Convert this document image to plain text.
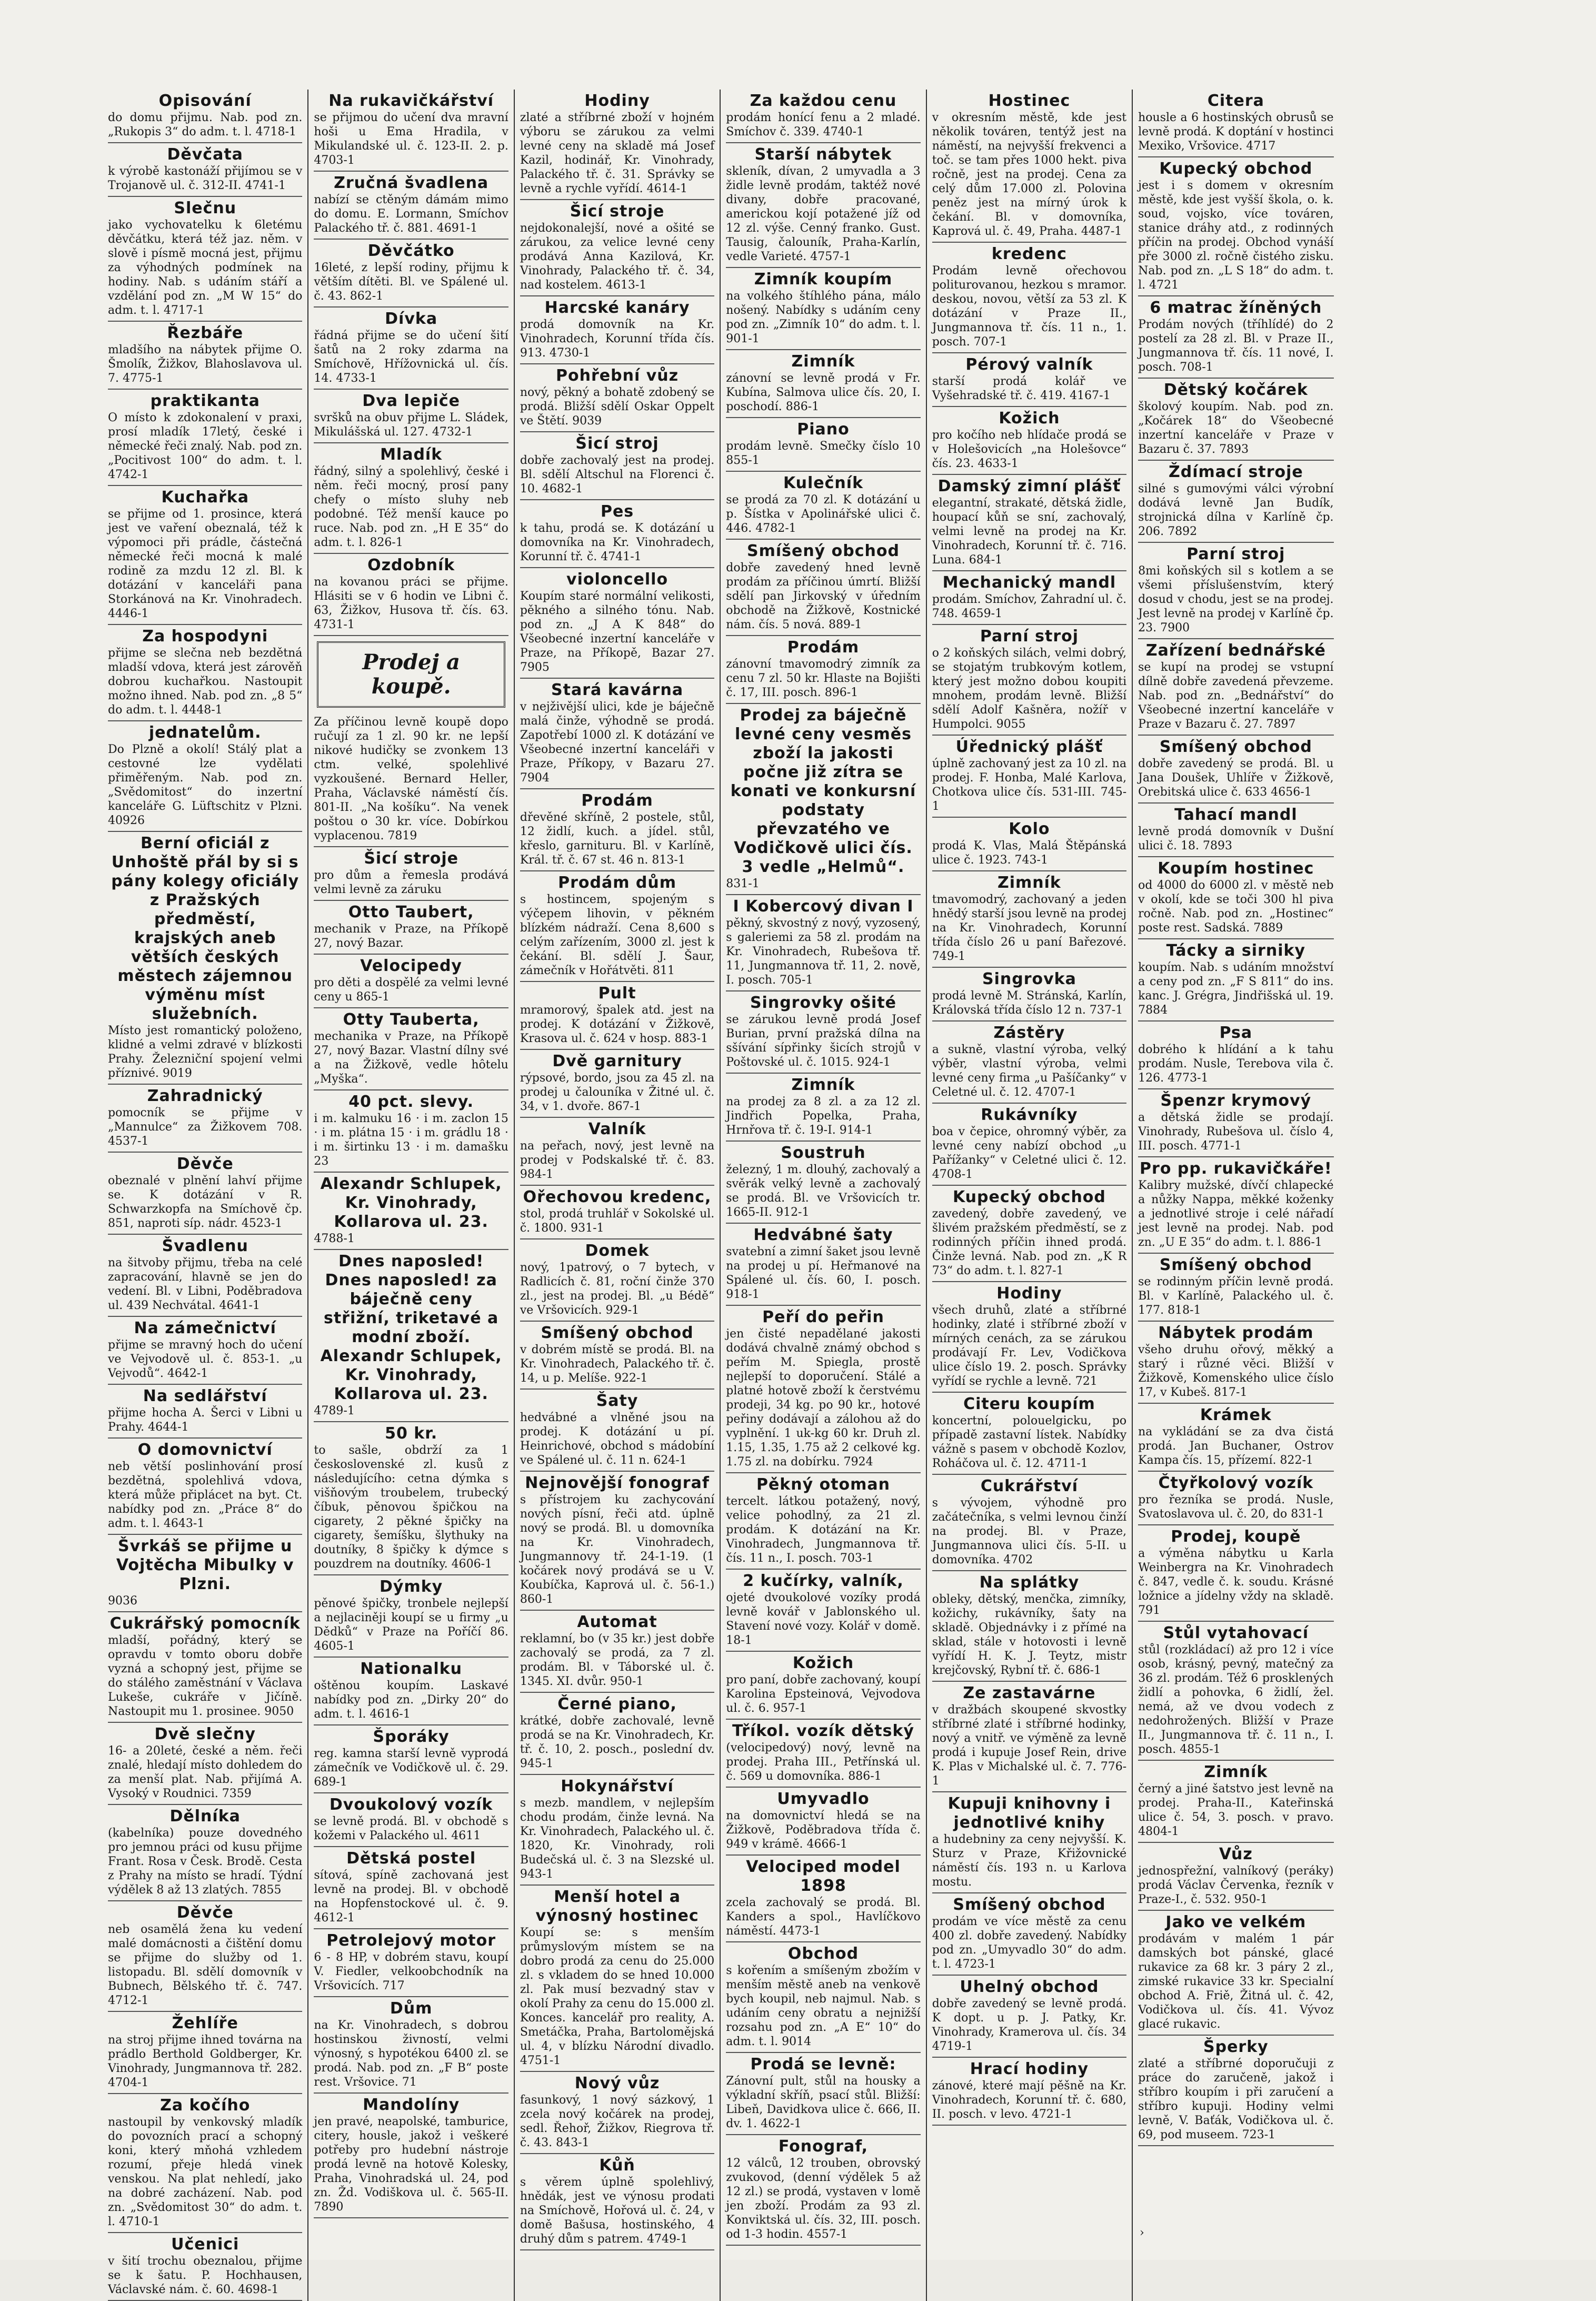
Opisování

do domu přijmu. Nab. pod zn. „Rukopis 3“ do adm. t. l. 4718-1

Děvčata

k výrobě kastonáží přijímou se v Trojanově ul. č. 312-II. 4741-1

Slečnu

jako vychovatelku k 6letému děvčátku, která též jaz. něm. v slově i písmě mocná jest, přijmu za výhodných podmínek na hodiny. Nab. s udáním stáří a vzdělání pod zn. „M W 15“ do adm. t. l. 4717-1

Řezbáře

mladšího na nábytek přijme O. Šmolík, Žižkov, Blahoslavova ul. 7. 4775-1

praktikanta

O místo k zdokonalení v praxi, prosí mladík 17letý, české i německé řeči znalý. Nab. pod zn. „Pocitivost 100“ do adm. t. l. 4742-1

Kuchařka

se přijme od 1. prosince, která jest ve vaření obeznalá, též k výpomoci při prádle, částečná německé řeči mocná k malé rodině za mzdu 12 zl. Bl. k dotázání v kanceláři pana Storkánová na Kr. Vinohradech. 4446-1

Za hospodyni

přijme se slečna neb bezdětná mladší vdova, která jest zárověň dobrou kuchařkou. Nastoupit možno ihned. Nab. pod zn. „8 5“ do adm. t. l. 4448-1

jednatelům.

Do Plzně a okolí! Stálý plat a cestovné lze vydělati přiměřeným. Nab. pod zn. „Svědomitost“ do inzertní kanceláře G. Lüftschitz v Plzni. 40926

Berní oficiál z Unhoště přál by si s pány kolegy oficiály z Pražských předměstí, krajských aneb větších českých městech zájemnou výměnu míst služebních.

Místo jest romantický položeno, klidné a velmi zdravé v blízkosti Prahy. Železniční spojení velmi příznivé. 9019

Zahradnický

pomocník se přijme v „Mannulce“ za Žižkovem 708. 4537-1

Děvče

obeznalé v plnění lahví přijme se. K dotázání v R. Schwarzkopfa na Smíchově čp. 851, naproti síp. nádr. 4523-1

Švadlenu

na šitvoby přijmu, třeba na celé zapracování, hlavně se jen do vedení. Bl. v Libni, Poděbradova ul. 439 Nechvátal. 4641-1

Na zámečnictví

přijme se mravný hoch do učení ve Vejvodově ul. č. 853-1. „u Vejvodů“. 4642-1

Na sedlářství

přijme hocha A. Šerci v Libni u Prahy. 4644-1

O domovnictví

neb větší poslinhování prosí bezdětná, spolehlivá vdova, která může připlácet na byt. Ct. nabídky pod zn. „Práce 8“ do adm. t. l. 4643-1

Švrkáš se přijme u Vojtěcha Mibulky v Plzni.

9036

Cukrářský pomocník

mladší, pořádný, který se opravdu v tomto oboru dobře vyzná a schopný jest, přijme se do stálého zaměstnání v Václava Lukeše, cukráře v Jičíně. Nastoupit mu 1. prosinee. 9050

Dvě slečny

16- a 20leté, české a něm. řeči znalé, hledají místo dohledem do za menší plat. Nab. přijímá A. Vysoký v Roudnici. 7359

Dělníka

(kabelníka) pouze dovedného pro jemnou práci od kusu přijme Frant. Rosa v Česk. Brodě. Cesta z Prahy na místo se hradí. Týdní výdělek 8 až 13 zlatých. 7855

Děvče

neb osamělá žena ku vedení malé domácnosti a čištění domu se přijme do služby od 1. listopadu. Bl. sdělí domovník v Bubnech, Bělského tř. č. 747. 4712-1

Žehlíře

na stroj přijme ihned továrna na prádlo Berthold Goldberger, Kr. Vinohrady, Jungmannova tř. 282. 4704-1

Za kočího

nastoupil by venkovský mladík do povozních prací a schopný koni, který mňohá vzhledem rozumí, přeje hledá vinek venskou. Na plat nehledí, jako na dobré zacházení. Nab. pod zn. „Svědomitost 30“ do adm. t. l. 4710-1

Učenici

v šití trochu obeznalou, přijme se k šatu. P. Hochhausen, Václavské nám. č. 60. 4698-1

Na rukavičkářství

se přijmou do učení dva mravní hoši u Ema Hradila, v Mikulandské ul. č. 123-II. 2. p. 4703-1

Zručná švadlena

nabízí se ctěným dámám mimo do domu. E. Lormann, Smíchov Palackého tř. č. 881. 4691-1

Děvčátko

16leté, z lepší rodiny, přijmu k větším dítěti. Bl. ve Spálené ul. č. 43. 862-1

Dívka

řádná přijme se do učení šití šatů na 2 roky zdarma na Smíchově, Hřížovnická ul. čís. 14. 4733-1

Dva lepiče

svršků na obuv přijme L. Sládek, Mikulášská ul. 127. 4732-1

Mladík

řádný, silný a spolehlivý, české i něm. řeči mocný, prosí pany chefy o místo sluhy neb podobné. Též menší kauce po ruce. Nab. pod zn. „H E 35“ do adm. t. l. 826-1

Ozdobník

na kovanou práci se přijme. Hlásiti se v 6 hodin ve Libni č. 63, Žižkov, Husova tř. čís. 63. 4731-1

Prodej a koupě.

Za příčinou levně koupě dopo ručují za 1 zl. 90 kr. ne lepší nikové hudičky se zvonkem 13 ctm. velké, spolehlivé vyzkoušené. Bernard Heller, Praha, Václavské náměstí čís. 801-II. „Na košíku“. Na venek poštou o 30 kr. více. Dobírkou vyplacenou. 7819

Šicí stroje

pro dům a řemesla prodává velmi levně za záruku

Otto Taubert,

mechanik v Praze, na Příkopě 27, nový Bazar.

Velocipedy

pro děti a dospělé za velmi levné ceny u 865-1

Otty Tauberta,

mechanika v Praze, na Příkopě 27, nový Bazar. Vlastní dílny své a na Žižkově, vedle hôtelu „Myška“.

40 pct. slevy.

i m. kalmuku 16 · i m. zaclon 15 · i m. plátna 15 · i m. grádlu 18 · i m. širtinku 13 · i m. damašku 23

Alexandr Schlupek, Kr. Vinohrady, Kollarova ul. 23.

4788-1

Dnes naposled! Dnes naposled! za báječně ceny střižní, triketavé a modní zboží. Alexandr Schlupek, Kr. Vinohrady, Kollarova ul. 23.

4789-1

50 kr.

to sašle, obdrží za 1 československé zl. kusů z následujícího: cetna dýmka s višňovým troubelem, trubecký číbuk, pěnovou špičkou na cigarety, 2 pěkné špičky na cigarety, šemíšku, šlythuky na doutníky, 8 špičky k dýmce s pouzdrem na doutníky. 4606-1

Dýmky

pěnové špičky, tronbele nejlepší a nejlaciněji koupí se u firmy „u Dědků“ v Praze na Poříčí 86. 4605-1

Nationalku

oštěnou koupím. Laskavé nabídky pod zn. „Dirky 20“ do adm. t. l. 4616-1

Šporáky

reg. kamna starší levně vyprodá zámečník ve Vodičkově ul. č. 29. 689-1

Dvoukolový vozík

se levně prodá. Bl. v obchodě s kožemi v Palackého ul. 4611

Dětská postel

sítová, spíně zachovaná jest levně na prodej. Bl. v obchodě na Hopfenstockové ul. č. 9. 4612-1

Petrolejový motor

6 - 8 HP, v dobrém stavu, koupí V. Fiedler, velkoobchodník na Vršovicích. 717

Dům

na Kr. Vinohradech, s dobrou hostinskou živností, velmi výnosný, s hypotékou 6400 zl. se prodá. Nab. pod zn. „F B“ poste rest. Vršovice. 71

Mandolíny

jen pravé, neapolské, tamburice, citery, housle, jakož i veškeré potřeby pro hudební nástroje prodá levně na hotově Kolesky, Praha, Vinohradská ul. 24, pod zn. Žd. Vodiškova ul. č. 565-II. 7890

Hodiny

zlaté a stříbrné zboží v hojném výboru se zárukou za velmi levné ceny na skladě má Josef Kazil, hodinář, Kr. Vinohrady, Palackého tř. č. 31. Správky se levně a rychle vyřídí. 4614-1

Šicí stroje

nejdokonalejší, nové a ošité se zárukou, za velice levné ceny prodává Anna Kazilová, Kr. Vinohrady, Palackého tř. č. 34, nad kostelem. 4613-1

Harcské kanáry

prodá domovník na Kr. Vinohradech, Korunní třída čís. 913. 4730-1

Pohřební vůz

nový, pěkný a bohatě zdobený se prodá. Bližší sdělí Oskar Oppelt ve Štětí. 9039

Šicí stroj

dobře zachovalý jest na prodej. Bl. sdělí Altschul na Florenci č. 10. 4682-1

Pes

k tahu, prodá se. K dotázání u domovníka na Kr. Vinohradech, Korunní tř. č. 4741-1

violoncello

Koupím staré normální velikosti, pěkného a silného tónu. Nab. pod zn. „J A K 848“ do Všeobecné inzertní kanceláře v Praze, na Příkopě, Bazar 27. 7905

Stará kavárna

v nejživější ulici, kde je báječně malá činže, výhodně se prodá. Zapotřebí 1000 zl. K dotázání ve Všeobecné inzertní kanceláři v Praze, Příkopy, v Bazaru 27. 7904

Prodám

dřevěné skříně, 2 postele, stůl, 12 židlí, kuch. a jídel. stůl, křeslo, garnituru. Bl. v Karlíně, Král. tř. č. 67 st. 46 n. 813-1

Prodám dům

s hostincem, spojeným s výčepem lihovin, v pěkném blízkém nádraží. Cena 8,600 s celým zařízením, 3000 zl. jest k čekání. Bl. sdělí J. Šaur, zámečník v Hořátvěti. 811

Pult

mramorový, špalek atd. jest na prodej. K dotázání v Žižkově, Krasova ul. č. 624 v hosp. 883-1

Dvě garnitury

rýpsové, bordo, jsou za 45 zl. na prodej u čalouníka v Žitné ul. č. 34, v 1. dvoře. 867-1

Valník

na peřach, nový, jest levně na prodej v Podskalské tř. č. 83. 984-1

Ořechovou kredenc,

stol, prodá truhlář v Sokolské ul. č. 1800. 931-1

Domek

nový, 1patrový, o 7 bytech, v Radlicích č. 81, roční činže 370 zl., jest na prodej. Bl. „u Bédě“ ve Vršovicích. 929-1

Smíšený obchod

v dobrém místě se prodá. Bl. na Kr. Vinohradech, Palackého tř. č. 14, u p. Melíše. 922-1

Šaty

hedvábné a vlněné jsou na prodej. K dotázání u pí. Heinrichové, obchod s mádobíní ve Spálené ul. č. 11 n. 624-1

Nejnovější fonograf

s přístrojem ku zachycování nových písní, řeči atd. úplně nový se prodá. Bl. u domovníka na Kr. Vinohradech, Jungmannovy tř. 24-1-19. (1 kočárek nový prodává se u V. Koubíčka, Kaprová ul. č. 56-1.) 860-1

Automat

reklamní, bo (v 35 kr.) jest dobře zachovalý se prodá, za 7 zl. prodám. Bl. v Táborské ul. č. 1345. XI. dvůr. 950-1

Černé piano,

krátké, dobře zachovalé, levně prodá se na Kr. Vinohradech, Kr. tř. č. 10, 2. posch., poslední dv. 945-1

Hokynářství

s mezb. mandlem, v nejlepším chodu prodám, činže levná. Na Kr. Vinohradech, Palackého ul. č. 1820, Kr. Vinohrady, roli Budečská ul. č. 3 na Slezské ul. 943-1

Menší hotel a výnosný hostinec

Koupí se: s menším průmyslovým místem se na dobro prodá za cenu do 25.000 zl. s vkladem do se hned 10.000 zl. Pak musí bezvadný stav v okolí Prahy za cenu do 15.000 zl. Konces. kancelář pro reality, A. Smetáčka, Praha, Bartolomějská ul. 4, v blízku Národní divadlo. 4751-1

Nový vůz

fasunkový, 1 nový sázkový, 1 zcela nový kočárek na prodej, sedl. Řehoř, Žižkov, Riegrova tř. č. 43. 843-1

Kůň

s věrem úplně spolehlivý, hnědák, jest ve výnosu prodati na Smíchově, Hořová ul. č. 24, v domě Bašusa, hostinského, 4 druhý dům s patrem. 4749-1

Za každou cenu

prodám honící fenu a 2 mladé. Smíchov č. 339. 4740-1

Starší nábytek

skleník, dívan, 2 umyvadla a 3 židle levně prodám, taktéž nové divany, dobře pracované, americkou kojí potažené jíž od 12 zl. výše. Cenný franko. Gust. Tausig, čalouník, Praha-Karlín, vedle Varieté. 4757-1

Zimník koupím

na volkého štíhlého pána, málo nošený. Nabídky s udáním ceny pod zn. „Zimník 10“ do adm. t. l. 901-1

Zimník

zánovní se levně prodá v Fr. Kubína, Salmova ulice čís. 20, I. poschodí. 886-1

Piano

prodám levně. Smečky číslo 10 855-1

Kulečník

se prodá za 70 zl. K dotázání u p. Šístka v Apolinářské ulici č. 446. 4782-1

Smíšený obchod

dobře zavedený hned levně prodám za příčinou úmrtí. Bližší sdělí pan Jirkovský v úředním obchodě na Žižkově, Kostnické nám. čís. 5 nová. 889-1

Prodám

zánovní tmavomodrý zimník za cenu 7 zl. 50 kr. Hlaste na Bojišti č. 17, III. posch. 896-1

Prodej za báječně levné ceny vesměs zboží la jakosti počne již zítra se konati ve konkursní podstaty převzatého ve Vodičkově ulici čís. 3 vedle „Helmů“.

831-1

I Kobercový divan I

pěkný, skvostný z nový, vyzosený, s galeriemi za 58 zl. prodám na Kr. Vinohradech, Rubešova tř. 11, Jungmannova tř. 11, 2. nově, I. posch. 705-1

Singrovky ošité

se zárukou levně prodá Josef Burian, první pražská dílna na sšívání sípřinky šicích strojů v Poštovské ul. č. 1015. 924-1

Zimník

na prodej za 8 zl. a za 12 zl. Jindřich Popelka, Praha, Hrnřova tř. č. 19-I. 914-1

Soustruh

železný, 1 m. dlouhý, zachovalý a svěrák velký levně a zachovalý se prodá. Bl. ve Vršovicích tr. 1665-II. 912-1

Hedvábné šaty

svatební a zimní šaket jsou levně na prodej u pí. Heřmanové na Spálené ul. čís. 60, I. posch. 918-1

Peří do peřin

jen čisté nepadělané jakosti dodává chvalně známý obchod s peřím M. Spiegla, prostě nejlepší to doporučení. Stálé a platné hotově zboží k čerstvému prodeji, 34 kg. po 90 kr., hotové peřiny dodávají a zálohou až do vyplnění. 1 uk-kg 60 kr. Druh zl. 1.15, 1.35, 1.75 až 2 celkové kg. 1.75 zl. na dobírku. 7924

Pěkný otoman

tercelt. látkou potažený, nový, velice pohodlný, za 21 zl. prodám. K dotázání na Kr. Vinohradech, Jungmannova tř. čís. 11 n., I. posch. 703-1

2 kučírky, valník,

ojeté dvoukolové vozíky prodá levně kovář v Jablonského ul. Stavení nové vozy. Kolář v domě. 18-1

Kožich

pro paní, dobře zachovaný, koupí Karolina Epsteinová, Vejvodova ul. č. 6. 957-1

Tříkol. vozík dětský

(velocipedový) nový, levně na prodej. Praha III., Petřínská ul. č. 569 u domovníka. 886-1

Umyvadlo

na domovnictví hledá se na Žižkově, Poděbradova třída č. 949 v krámě. 4666-1

Velociped model 1898

zcela zachovalý se prodá. Bl. Kanders a spol., Havlíčkovo náměstí. 4473-1

Obchod

s kořením a smíšeným zbožím v menším městě aneb na venkově bych koupil, neb najmul. Nab. s udáním ceny obratu a nejnižší rozsahu pod zn. „A E“ 10“ do adm. t. l. 9014

Prodá se levně:

Zánovní pult, stůl na housky a výkladní skříň, psací stůl. Bližší: Libeň, Davidkova ulice č. 666, II. dv. 1. 4622-1

Fonograf,

12 válců, 12 trouben, obrovský zvukovod, (denní výdělek 5 až 12 zl.) se prodá, vystaven v lomě jen zboží. Prodám za 93 zl. Konviktská ul. čís. 32, III. posch. od 1-3 hodin. 4557-1

Hostinec

v okresním městě, kde jest několik továren, tentýž jest na náměstí, na nejvyšší frekvenci a toč. se tam přes 1000 hekt. piva ročně, jest na prodej. Cena za celý dům 17.000 zl. Polovina peněz jest na mírný úrok k čekání. Bl. v domovníka, Kaprová ul. č. 49, Praha. 4487-1

kredenc

Prodám levně ořechovou politurovanou, hezkou s mramor. deskou, novou, větší za 53 zl. K dotázání v Praze II., Jungmannova tř. čís. 11 n., 1. posch. 707-1

Pérový valník

starší prodá kolář ve Vyšehradské tř. č. 419. 4167-1

Kožich

pro kočího neb hlídače prodá se v Holešovicích „na Holešovce“ čís. 23. 4633-1

Damský zimní plášť

elegantní, strakaté, dětská židle, houpací kůň se sní, zachovalý, velmi levně na prodej na Kr. Vinohradech, Korunní tř. č. 716. Luna. 684-1

Mechanický mandl

prodám. Smíchov, Zahradní ul. č. 748. 4659-1

Parní stroj

o 2 koňských silách, velmi dobrý, se stojatým trubkovým kotlem, který jest možno dobou koupiti mnohem, prodám levně. Bližší sdělí Adolf Kašněra, nožíř v Humpolci. 9055

Úřednický plášť

úplně zachovaný jest za 10 zl. na prodej. F. Honba, Malé Karlova, Chotkova ulice čís. 531-III. 745-1

Kolo

prodá K. Vlas, Malá Štěpánská ulice č. 1923. 743-1

Zimník

tmavomodrý, zachovaný a jeden hnědý starší jsou levně na prodej na Kr. Vinohradech, Korunní třída číslo 26 u paní Bařezové. 749-1

Singrovka

prodá levně M. Stránská, Karlín, Královská třída číslo 12 n. 737-1

Zástěry

a sukně, vlastní výroba, velký výběr, vlastní výroba, velmi levné ceny firma „u Pašíčanky“ v Celetné ul. č. 12. 4707-1

Rukávníky

boa v čepice, ohromný výběr, za levné ceny nabízí obchod „u Pařížanky“ v Celetné ulici č. 12. 4708-1

Kupecký obchod

zavedený, dobře zavedený, ve šlivém pražském předměstí, se z rodinných příčin ihned prodá. Činže levná. Nab. pod zn. „K R 73“ do adm. t. l. 827-1

Hodiny

všech druhů, zlaté a stříbrné hodinky, zlaté i stříbrné zboží v mírných cenách, za se zárukou prodávají Fr. Lev, Vodičkova ulice číslo 19. 2. posch. Správky vyřídí se rychle a levně. 721

Citeru koupím

koncertní, polouelgicku, po případě zastavní lístek. Nabídky vážně s pasem v obchodě Kozlov, Roháčova ul. č. 12. 4711-1

Cukrářství

s vývojem, výhodně pro začátečníka, s velmi levnou činží na prodej. Bl. v Praze, Jungmannova ulici čís. 5-II. u domovníka. 4702

Na splátky

obleky, dětský, menčka, zimníky, kožichy, rukávníky, šaty na skladě. Objednávky i z přímé na sklad, stále v hotovosti i levně vyřídí H. K. J. Teytz, mistr krejčovský, Rybní tř. č. 686-1

Ze zastavárne

v dražbách skoupené skvostky stříbrné zlaté i stříbrné hodinky, nový a vnitř. ve výměně za levně prodá i kupuje Josef Rein, drive K. Plas v Michalské ul. č. 7. 776-1

Kupuji knihovny i jednotlivé knihy

a hudebniny za ceny nejvyšší. K. Sturz v Praze, Křižovnické náměstí čís. 193 n. u Karlova mostu.

Smíšený obchod

prodám ve více městě za cenu 400 zl. dobře zavedený. Nabídky pod zn. „Umyvadlo 30“ do adm. t. l. 4723-1

Uhelný obchod

dobře zavedený se levně prodá. K dopt. u p. J. Patky, Kr. Vinohrady, Kramerova ul. čís. 34 4719-1

Hrací hodiny

zánové, které mají pěšně na Kr. Vinohradech, Korunní tř. č. 680, II. posch. v levo. 4721-1

Citera

housle a 6 hostinských obrusů se levně prodá. K doptání v hostinci Mexiko, Vršovice. 4717

Kupecký obchod

jest i s domem v okresním městě, kde jest vyšší škola, o. k. soud, vojsko, více továren, stanice dráhy atd., z rodinných příčin na prodej. Obchod vynáší pře 3000 zl. ročně čistého zisku. Nab. pod zn. „L S 18“ do adm. t. l. 4721

6 matrac žíněných

Prodám nových (tříhlídé) do 2 postelí za 28 zl. Bl. v Praze II., Jungmannova tř. čís. 11 nové, I. posch. 708-1

Dětský kočárek

školový koupím. Nab. pod zn. „Kočárek 18“ do Všeobecné inzertní kanceláře v Praze v Bazaru č. 37. 7893

Ždímací stroje

silné s gumovými válci výrobní dodává levně Jan Budík, strojnická dílna v Karlíně čp. 206. 7892

Parní stroj

8mi koňských sil s kotlem a se všemi příslušenstvím, který dosud v chodu, jest se na prodej. Jest levně na prodej v Karlíně čp. 23. 7900

Zařízení bednářské

se kupí na prodej se vstupní dílně dobře zavedená převzeme. Nab. pod zn. „Bednářství“ do Všeobecné inzertní kanceláře v Praze v Bazaru č. 27. 7897

Smíšený obchod

dobře zavedený se prodá. Bl. u Jana Doušek, Uhlíře v Žižkově, Orebitská ulice č. 633 4656-1

Tahací mandl

levně prodá domovník v Dušní ulici č. 18. 7893

Koupím hostinec

od 4000 do 6000 zl. v městě neb v okolí, kde se toči 300 hl piva ročně. Nab. pod zn. „Hostinec“ poste rest. Sadská. 7889

Tácky a sirniky

koupím. Nab. s udáním množství a ceny pod zn. „F S 811“ do ins. kanc. J. Grégra, Jindřišská ul. 19. 7884

Psa

dobrého k hlídání a k tahu prodám. Nusle, Terebova vila č. 126. 4773-1

Špenzr krymový

a dětská židle se prodají. Vinohrady, Rubešova ul. číslo 4, III. posch. 4771-1

Pro pp. rukavičkáře!

Kalibry mužské, dívčí chlapecké a nůžky Nappa, měkké koženky a jednotlivé stroje i celé nářadí jest levně na prodej. Nab. pod zn. „U E 35“ do adm. t. l. 886-1

Smíšený obchod

se rodinným příčin levně prodá. Bl. v Karlíně, Palackého ul. č. 177. 818-1

Nábytek prodám

všeho druhu ořový, měkký a starý i různé věci. Bližší v Žižkově, Komenského ulice číslo 17, v Kubeš. 817-1

Krámek

na vykládání se za dva čistá prodá. Jan Buchaner, Ostrov Kampa čís. 15, přízemí. 822-1

Čtyřkolový vozík

pro řezníka se prodá. Nusle, Svatoslavova ul. č. 20, do 831-1

Prodej, koupě

a výměna nábytku u Karla Weinbergra na Kr. Vinohradech č. 847, vedle č. k. soudu. Krásné ložnice a jídelny vždy na skladě. 791

Stůl vytahovací

stůl (rozkládací) až pro 12 i více osob, krásný, pevný, matečný za 36 zl. prodám. Též 6 prosklených židlí a pohovka, 6 židlí, žel. nemá, až ve dvou vodech z nedohrožených. Bližší v Praze II., Jungmannova tř. č. 11 n., I. posch. 4855-1

Zimník

černý a jiné šatstvo jest levně na prodej. Praha-II., Kateřinská ulice č. 54, 3. posch. v pravo. 4804-1

Vůz

jednospřežní, valníkový (peráky) prodá Václav Červenka, řezník v Praze-I., č. 532. 950-1

Jako ve velkém

prodávám v malém 1 pár damských bot pánské, glacé rukavice za 68 kr. 3 páry 2 zl., zimské rukavice 33 kr. Specialní obchod A. Friě, Žitná ul. č. 42, Vodičkova ul. čís. 41. Vývoz glacé rukavic.

Šperky

zlaté a stříbrné doporučuji z práce do zaručeně, jakož i stříbro koupím i při zaručení a stříbro kupuji. Hodiny velmi levně, V. Baťák, Vodičkova ul. č. 69, pod museem. 723-1

›
